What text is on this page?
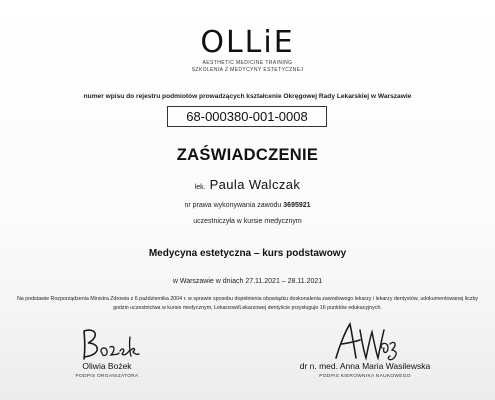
OLLiE
AESTHETIC MEDICINE TRAINING
SZKOLENIA Z MEDYCYNY ESTETYCZNEJ
numer wpisu do rejestru podmiotów prowadzących kształcenie Okręgowej Rady Lekarskiej w Warszawie
68-000380-001-0008
ZAŚWIADCZENIE
lek. Paula Walczak
nr prawa wykonywania zawodu 3695921
uczestniczyła w kursie medycznym
Medycyna estetyczna – kurs podstawowy
w Warszawie w dniach 27.11.2021 – 28.11.2021
Na podstawie Rozporządzenia Ministra Zdrowia z 6 października 2004 r. w sprawie sposobu dopełnienia obowiązku doskonalenia zawodowego lekarzy i lekarzy dentystów, udokumentowanej liczby godzin uczestnictwa w kursie medycznym, Lekarzowi/Lekarzowej dentyście przysługuje 16 punktów edukacyjnych.
Oliwia Bożek
PODPIS ORGANIZATORA
dr n. med. Anna Maria Wasilewska
PODPIS KIEROWNIKA NAUKOWEGO
